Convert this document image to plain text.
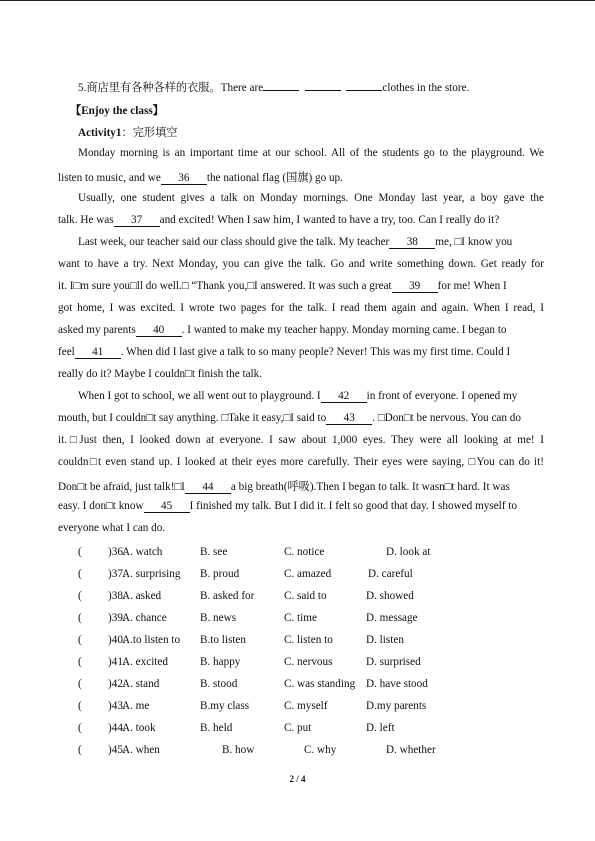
5.商店里有各种各样的衣服。There are	clothes in the store.
【Enjoy the class】
Activity1：完形填空
Monday morning is an important time at our school. All of the students go to the playground. We
listen to music, and we 36 the national flag (国旗) go up.
Usually, one student gives a talk on Monday mornings. One Monday last year, a boy gave the
talk. He was 37 and excited! When I saw him, I wanted to have a try, too. Can I really do it?
Last week, our teacher said our class should give the talk. My teacher 38 me, □I know you
want to have a try. Next Monday, you can give the talk. Go and write something down. Get ready for
it. I□m sure you□ll do well.□ “Thank you,□I answered. It was such a great 39 for me! When I
got home, I was excited. I wrote two pages for the talk. I read them again and again. When I read, I
asked my parents 40 . I wanted to make my teacher happy. Monday morning came. I began to
feel 41 . When did I last give a talk to so many people? Never! This was my first time. Could I
really do it? Maybe I couldn□t finish the talk.
When I got to school, we all went out to playground. I 42 in front of everyone. I opened my
mouth, but I couldn□t say anything. □Take it easy,□I said to 43 . □Don□t be nervous. You can do
it.□Just then, I looked down at everyone. I saw about 1,000 eyes. They were all looking at me! I
couldn□t even stand up. I looked at their eyes more carefully. Their eyes were saying, □You can do it!
Don□t be afraid, just talk!□I 44 a big breath(呼吸).Then I began to talk. It wasn□t hard. It was
easy. I don□t know 45 I finished my talk. But I did it. I felt so good that day. I showed myself to
everyone what I can do.
( )36.
A. watch	B. see	C. notice	D. look at
( )37.
A. surprising B. proud	C. amazed	D. careful
( )38.
A. asked	B. asked for	C. said to	D. showed
( )39.
A. chance	B. news	C. time	D. message
( )40.
A.to listen to B.to listen	C. listen to	D. listen
( )41.
A. excited	B. happy	C. nervous	D. surprised
( )42.
A. stand	B. stood	C. was standing D. have stood
( )43.
A. me	B.my class	C. myself	D.my parents
( )44.
A. took	B. held	C. put	D. left
( )45.
A. when	B. how	C. why	D. whether
2 / 4
